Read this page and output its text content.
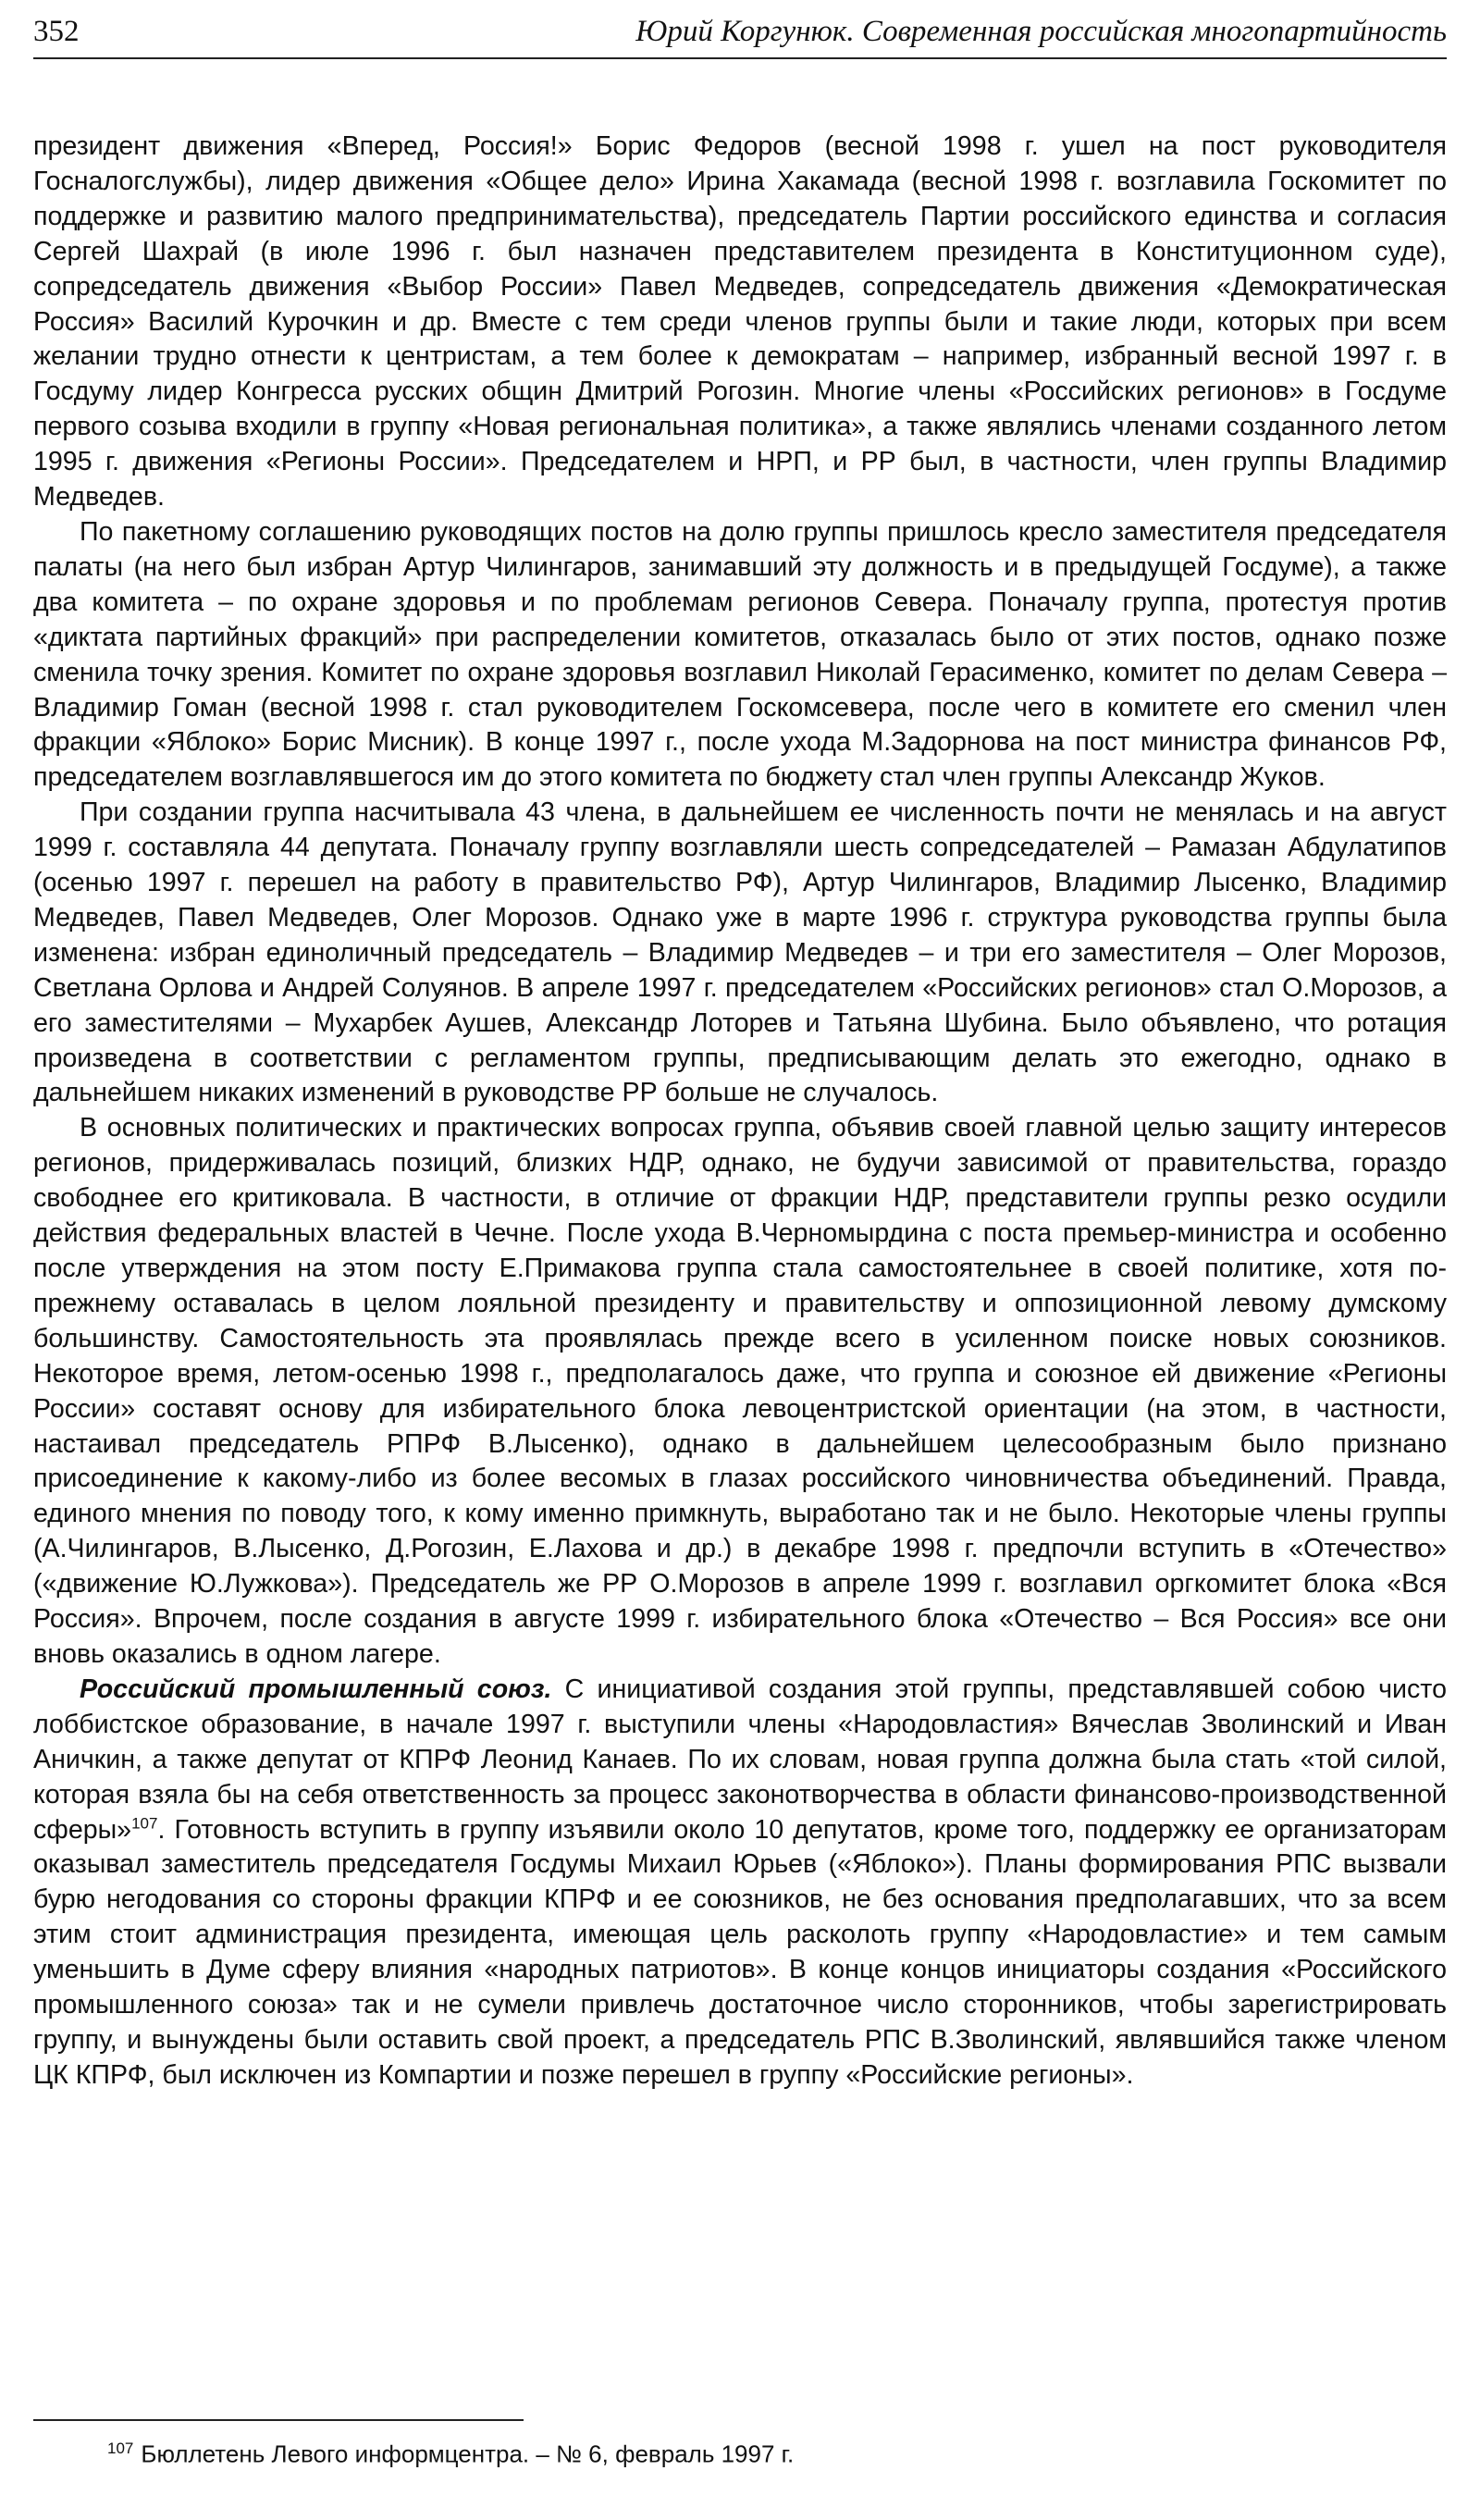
352	Юрий Коргунюк. Современная российская многопартийность

президент движения «Вперед, Россия!» Борис Федоров (весной 1998 г. ушел на пост руководителя Госналогслужбы), лидер движения «Общее дело» Ирина Хакамада (весной 1998 г. возглавила Госкомитет по поддержке и развитию малого предпринимательства), председатель Партии российского единства и согласия Сергей Шахрай (в июле 1996 г. был назначен представителем президента в Конституционном суде), сопредседатель движения «Выбор России» Павел Медведев, сопредседатель движения «Демократическая Россия» Василий Курочкин и др. Вместе с тем среди членов группы были и такие люди, которых при всем желании трудно отнести к центристам, а тем более к демократам – например, избранный весной 1997 г. в Госдуму лидер Конгресса русских общин Дмитрий Рогозин. Многие члены «Российских регионов» в Госдуме первого созыва входили в группу «Новая региональная политика», а также являлись членами созданного летом 1995 г. движения «Регионы России». Председателем и НРП, и РР был, в частности, член группы Владимир Медведев.

По пакетному соглашению руководящих постов на долю группы пришлось кресло заместителя председателя палаты (на него был избран Артур Чилингаров, занимавший эту должность и в предыдущей Госдуме), а также два комитета – по охране здоровья и по проблемам регионов Севера. Поначалу группа, протестуя против «диктата партийных фракций» при распределении комитетов, отказалась было от этих постов, однако позже сменила точку зрения. Комитет по охране здоровья возглавил Николай Герасименко, комитет по делам Севера – Владимир Гоман (весной 1998 г. стал руководителем Госкомсевера, после чего в комитете его сменил член фракции «Яблоко» Борис Мисник). В конце 1997 г., после ухода М.Задорнова на пост министра финансов РФ, председателем возглавлявшегося им до этого комитета по бюджету стал член группы Александр Жуков.

При создании группа насчитывала 43 члена, в дальнейшем ее численность почти не менялась и на август 1999 г. составляла 44 депутата. Поначалу группу возглавляли шесть сопредседателей – Рамазан Абдулатипов (осенью 1997 г. перешел на работу в правительство РФ), Артур Чилингаров, Владимир Лысенко, Владимир Медведев, Павел Медведев, Олег Морозов. Однако уже в марте 1996 г. структура руководства группы была изменена: избран единоличный председатель – Владимир Медведев – и три его заместителя – Олег Морозов, Светлана Орлова и Андрей Солуянов. В апреле 1997 г. председателем «Российских регионов» стал О.Морозов, а его заместителями – Мухарбек Аушев, Александр Лоторев и Татьяна Шубина. Было объявлено, что ротация произведена в соответствии с регламентом группы, предписывающим делать это ежегодно, однако в дальнейшем никаких изменений в руководстве РР больше не случалось.

В основных политических и практических вопросах группа, объявив своей главной целью защиту интересов регионов, придерживалась позиций, близких НДР, однако, не будучи зависимой от правительства, гораздо свободнее его критиковала. В частности, в отличие от фракции НДР, представители группы резко осудили действия федеральных властей в Чечне. После ухода В.Черномырдина с поста премьер-министра и особенно после утверждения на этом посту Е.Примакова группа стала самостоятельнее в своей политике, хотя по-прежнему оставалась в целом лояльной президенту и правительству и оппозиционной левому думскому большинству. Самостоятельность эта проявлялась прежде всего в усиленном поиске новых союзников. Некоторое время, летом-осенью 1998 г., предполагалось даже, что группа и союзное ей движение «Регионы России» составят основу для избирательного блока левоцентристской ориентации (на этом, в частности, настаивал председатель РПРФ В.Лысенко), однако в дальнейшем целесообразным было признано присоединение к какому-либо из более весомых в глазах российского чиновничества объединений. Правда, единого мнения по поводу того, к кому именно примкнуть, выработано так и не было. Некоторые члены группы (А.Чилингаров, В.Лысенко, Д.Рогозин, Е.Лахова и др.) в декабре 1998 г. предпочли вступить в «Отечество» («движение Ю.Лужкова»). Председатель же РР О.Морозов в апреле 1999 г. возглавил оргкомитет блока «Вся Россия». Впрочем, после создания в августе 1999 г. избирательного блока «Отечество – Вся Россия» все они вновь оказались в одном лагере.

Российский промышленный союз. С инициативой создания этой группы, представлявшей собою чисто лоббистское образование, в начале 1997 г. выступили члены «Народовластия» Вячеслав Зволинский и Иван Аничкин, а также депутат от КПРФ Леонид Канаев. По их словам, новая группа должна была стать «той силой, которая взяла бы на себя ответственность за процесс законотворчества в области финансово-производственной сферы»$^{107}$. Готовность вступить в группу изъявили около 10 депутатов, кроме того, поддержку ее организаторам оказывал заместитель председателя Госдумы Михаил Юрьев («Яблоко»). Планы формирования РПС вызвали бурю негодования со стороны фракции КПРФ и ее союзников, не без основания предполагавших, что за всем этим стоит администрация президента, имеющая цель расколоть группу «Народовластие» и тем самым уменьшить в Думе сферу влияния «народных патриотов». В конце концов инициаторы создания «Российского промышленного союза» так и не сумели привлечь достаточное число сторонников, чтобы зарегистрировать группу, и вынуждены были оставить свой проект, а председатель РПС В.Зволинский, являвшийся также членом ЦК КПРФ, был исключен из Компартии и позже перешел в группу «Российские регионы».

$^{107}$ Бюллетень Левого информцентра. – № 6, февраль 1997 г.
